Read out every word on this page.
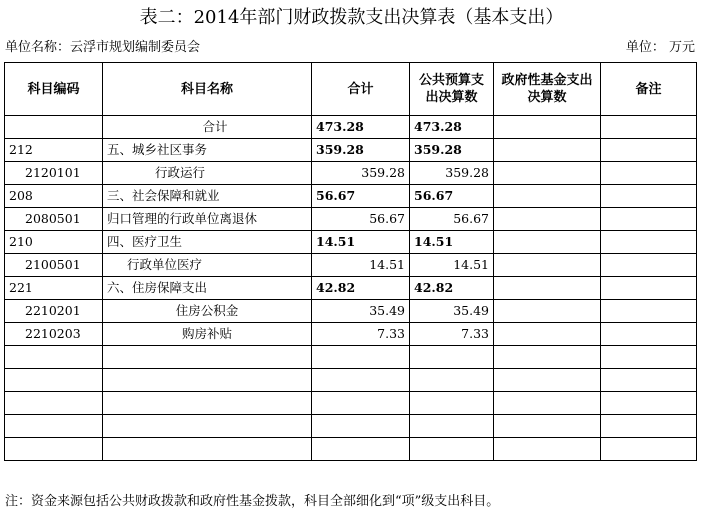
表二：2014年部门财政拨款支出决算表（基本支出）
单位名称：云浮市规划编制委员会	单位： 万元
科目编码	科目名称	合计	公共预算支出决算数	政府性基金支出决算数	备注
	合计	473.28	473.28		
212	五、城乡社区事务	359.28	359.28		
2120101	行政运行	359.28	359.28		
208	三、社会保障和就业	56.67	56.67		
2080501	归口管理的行政单位离退休	56.67	56.67		
210	四、医疗卫生	14.51	14.51		
2100501	行政单位医疗	14.51	14.51		
221	六、住房保障支出	42.82	42.82		
2210201	住房公积金	35.49	35.49		
2210203	购房补贴	7.33	7.33		

注：资金来源包括公共财政拨款和政府性基金拨款，科目全部细化到“项”级支出科目。
